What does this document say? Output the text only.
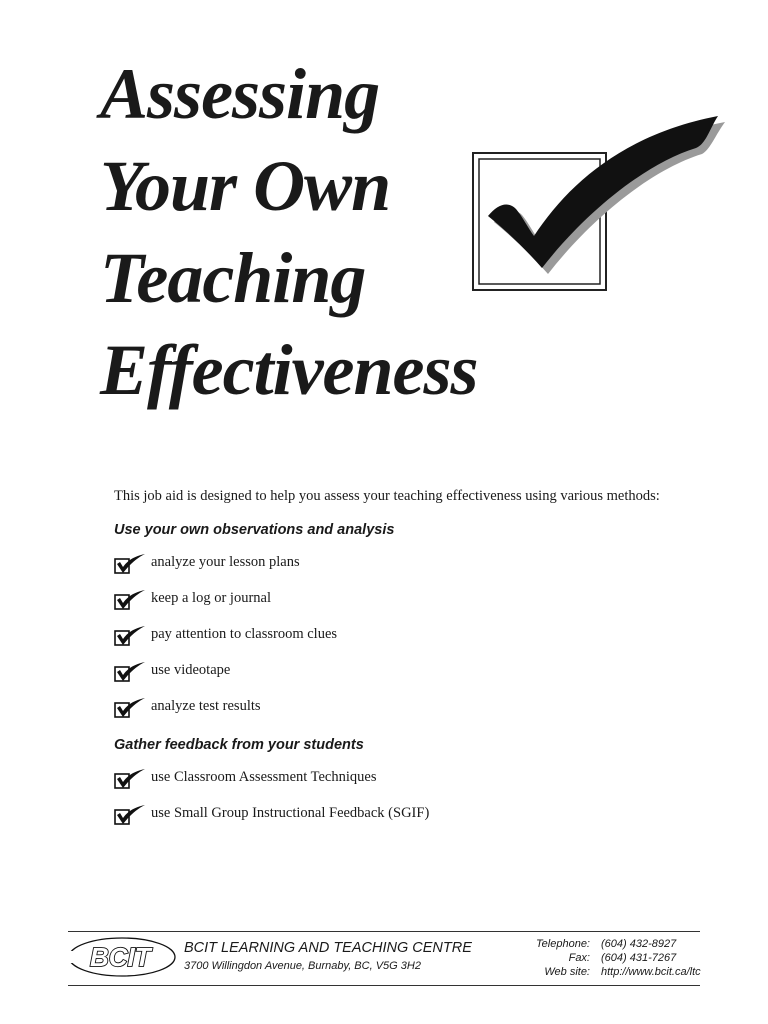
Assessing
Your Own
Teaching
Effectiveness

This job aid is designed to help you assess your teaching effectiveness using various methods:

Use your own observations and analysis
analyze your lesson plans
keep a log or journal
pay attention to classroom clues
use videotape
analyze test results
Gather feedback from your students
use Classroom Assessment Techniques
use Small Group Instructional Feedback (SGIF)
BCIT BCIT LEARNING AND TEACHING CENTRE
3700 Willingdon Avenue, Burnaby, BC, V5G 3H2
Telephone: (604) 432-8927
Fax: (604) 431-7267
Web site: http://www.bcit.ca/ltc
